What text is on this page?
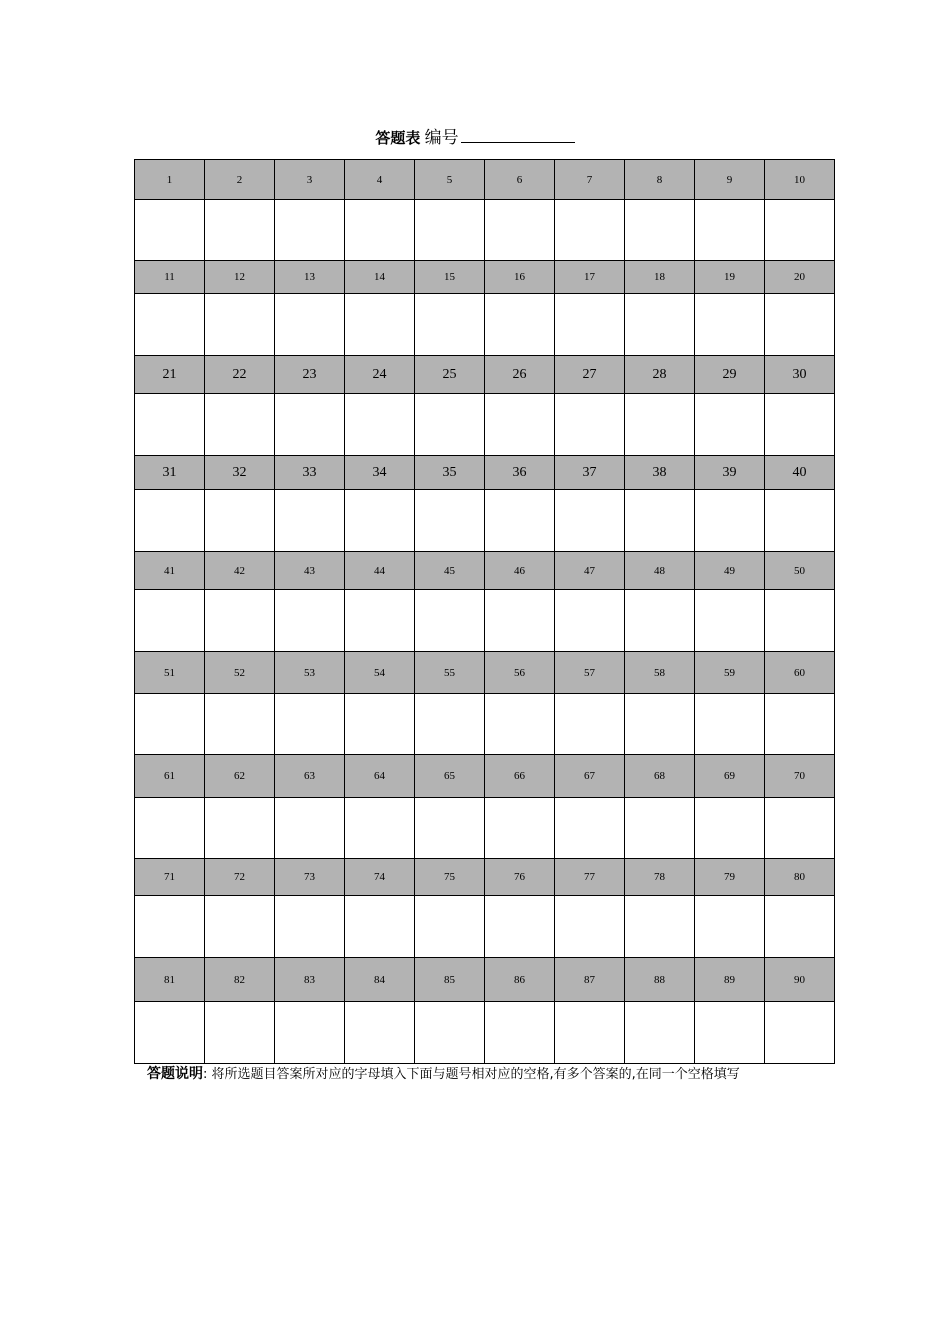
答题表 编号
1	2	3	4	5	6	7	8	9	10

11	12	13	14	15	16	17	18	19	20

21	22	23	24	25	26	27	28	29	30

31	32	33	34	35	36	37	38	39	40

41	42	43	44	45	46	47	48	49	50

51	52	53	54	55	56	57	58	59	60

61	62	63	64	65	66	67	68	69	70

71	72	73	74	75	76	77	78	79	80

81	82	83	84	85	86	87	88	89	90

答题说明: 将所选题目答案所对应的字母填入下面与题号相对应的空格,有多个答案的,在同一个空格填写
